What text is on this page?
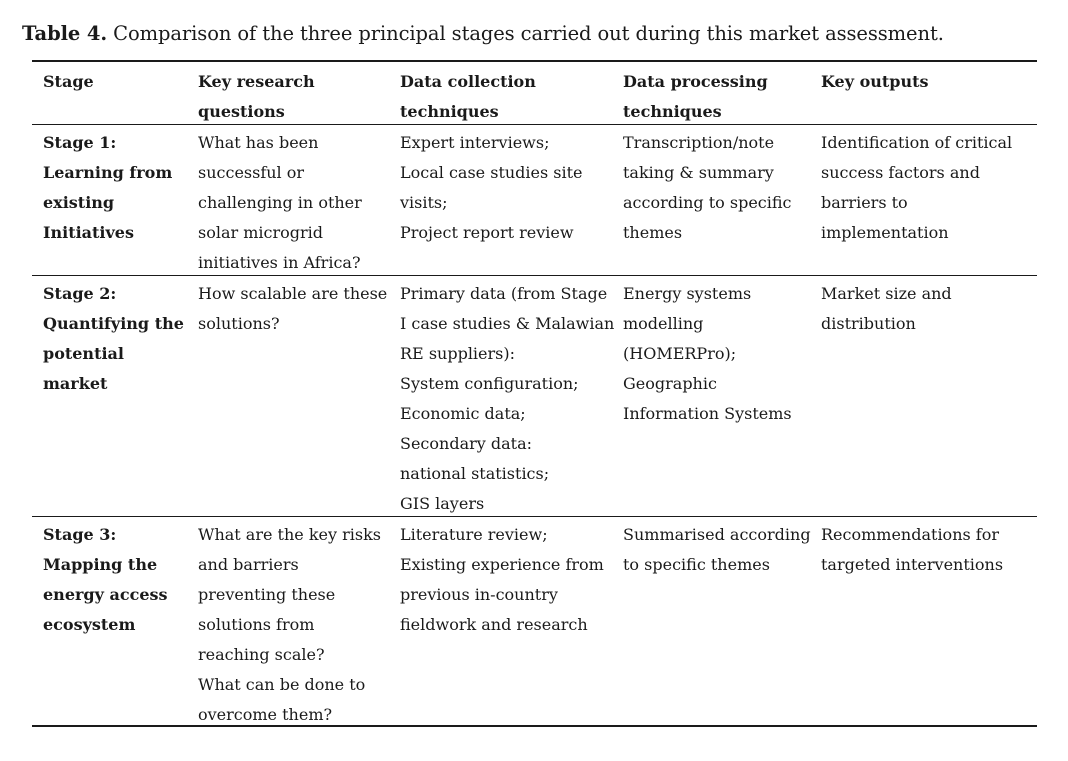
Table 4. Comparison of the three principal stages carried out during this market assessment.
Stage	Key research
questions
Data collection
techniques
Data processing
techniques
Key outputs
Stage 1:
Learning from
existing
Initiatives
What has been
successful or
challenging in other
solar microgrid
initiatives in Africa?
Expert interviews;
Local case studies site
visits;
Project report review
Transcription/note
taking & summary
according to specific
themes
Identification of critical
success factors and
barriers to
implementation
Stage 2:
Quantifying the
potential
market
How scalable are these
solutions?
Primary data (from Stage
I case studies & Malawian
RE suppliers):
System configuration;
Economic data;
Secondary data:
national statistics;
GIS layers
Energy systems
modelling
(HOMERPro);
Geographic
Information Systems
Market size and
distribution
Stage 3:
Mapping the
energy access
ecosystem
What are the key risks
and barriers
preventing these
solutions from
reaching scale?
What can be done to
overcome them?
Literature review;
Existing experience from
previous in-country
fieldwork and research
Summarised according
to specific themes
Recommendations for
targeted interventions
